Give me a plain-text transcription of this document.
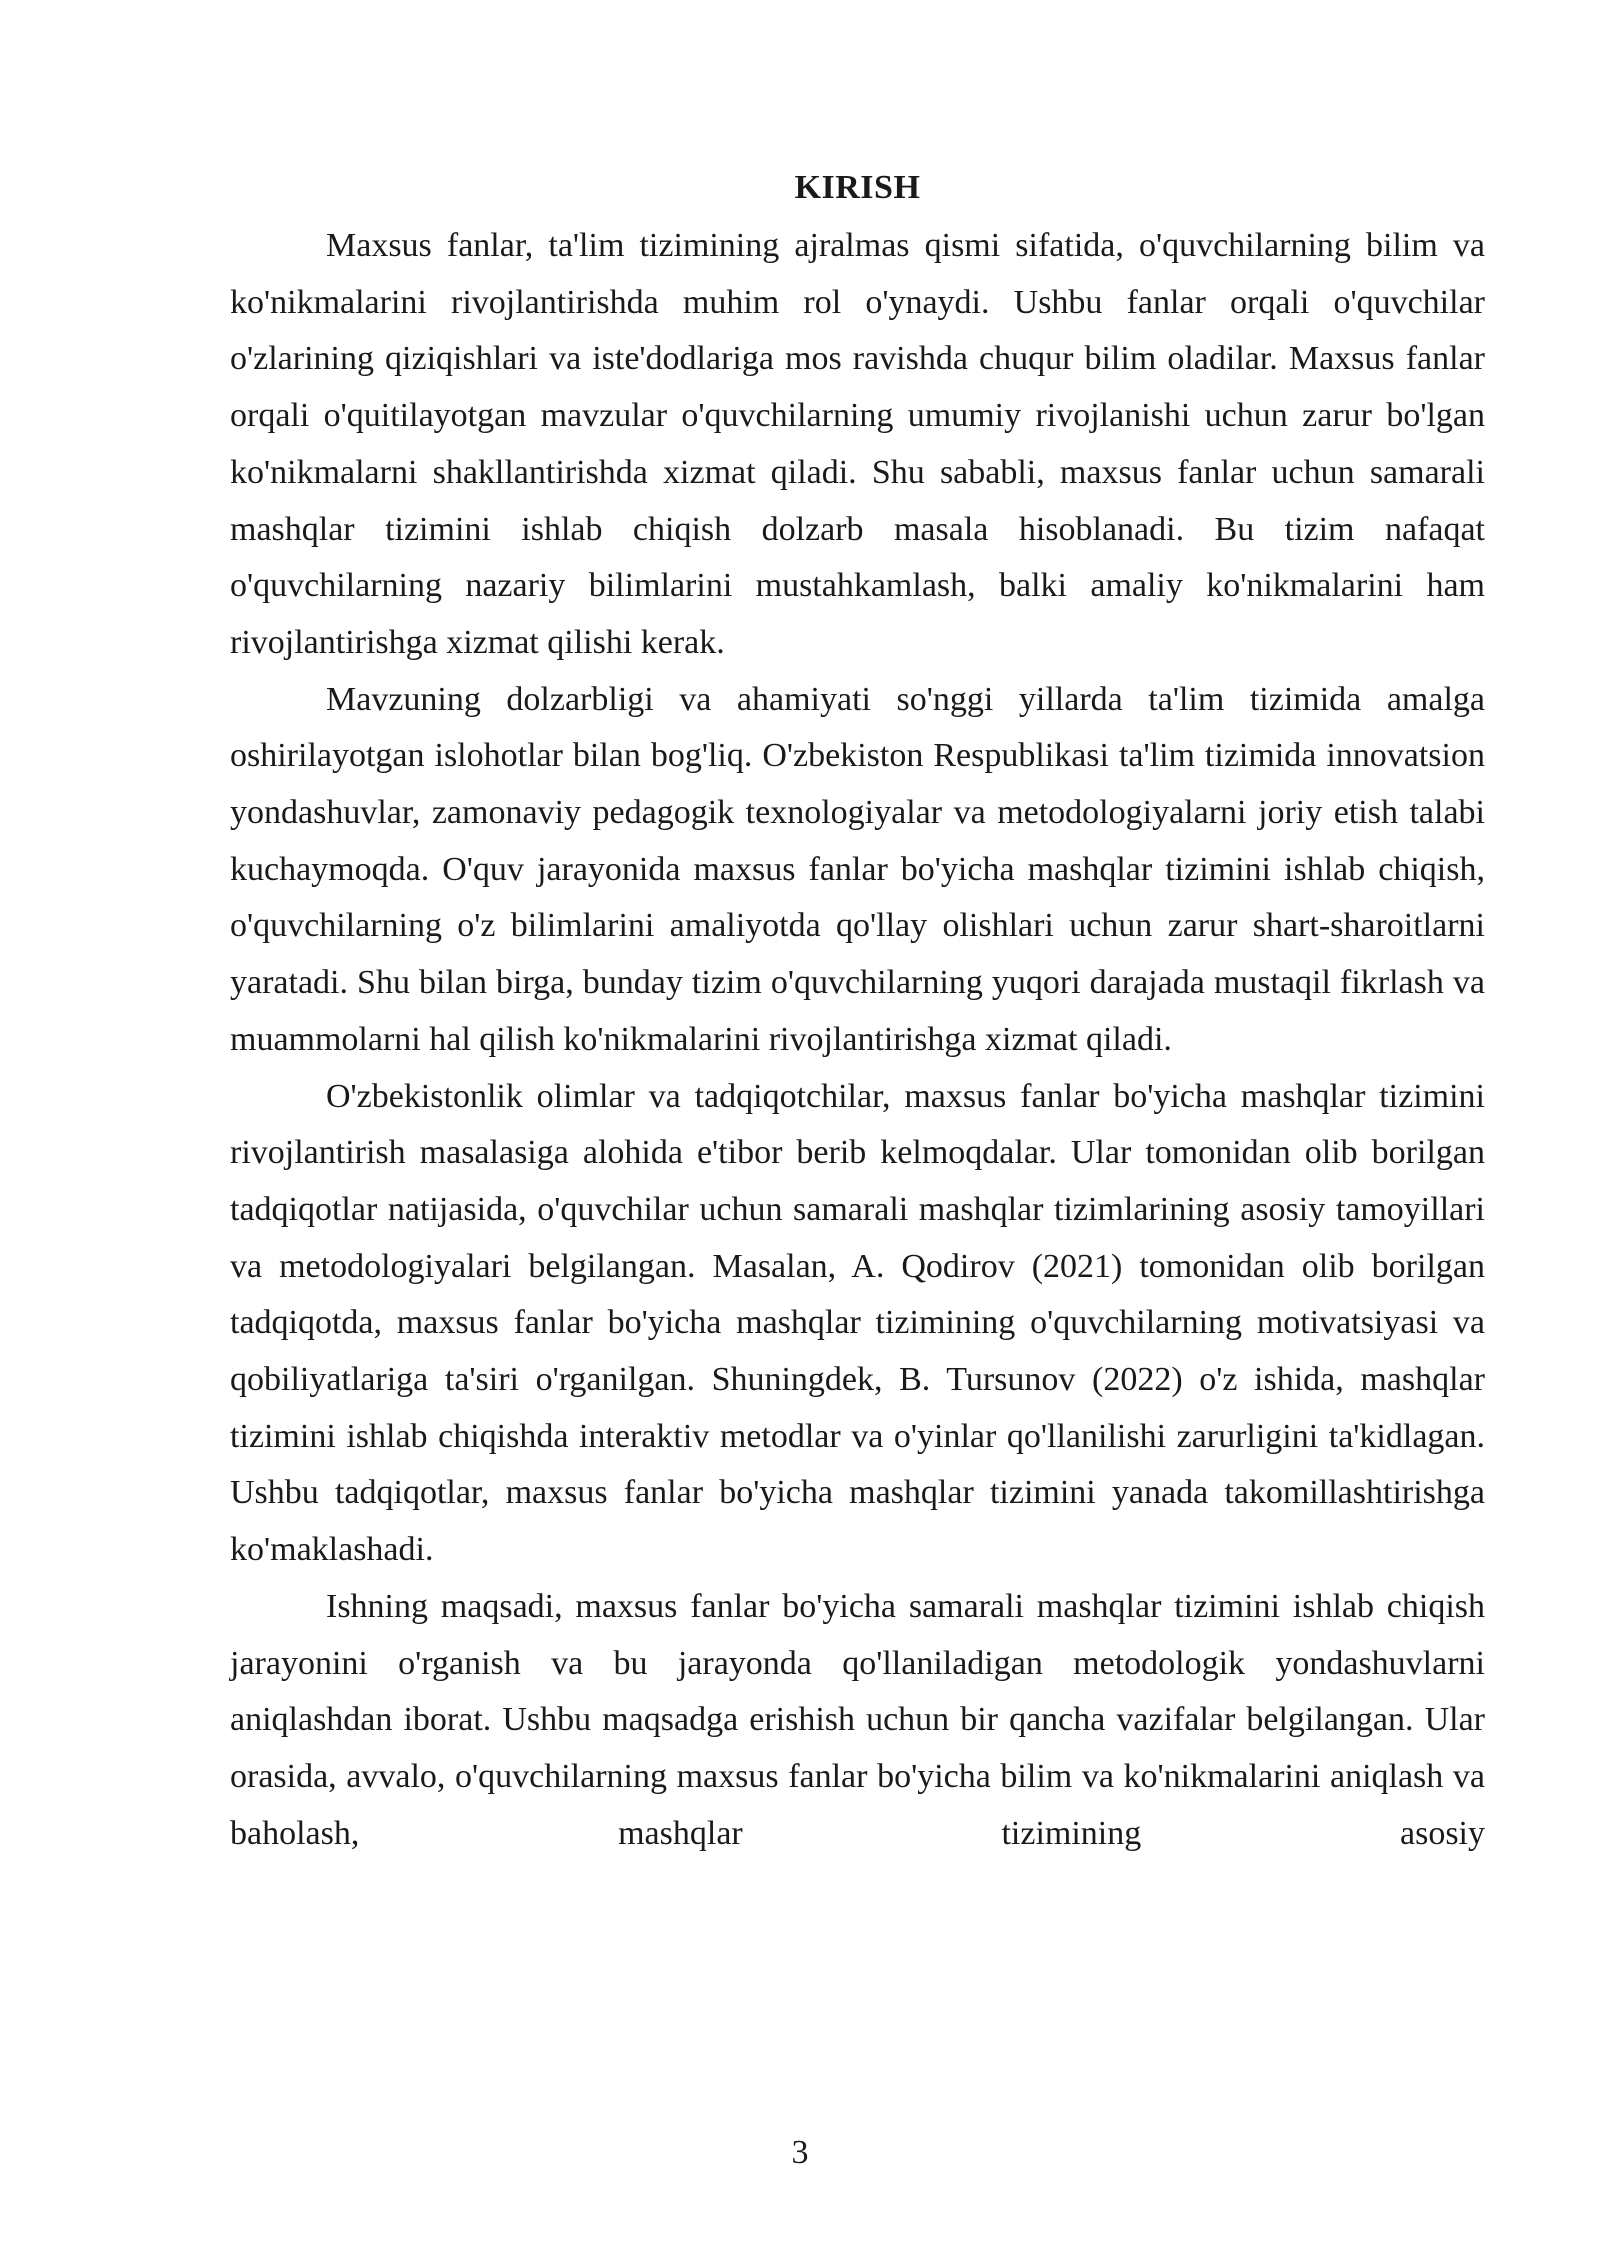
KIRISH

Maxsus fanlar, ta'lim tizimining ajralmas qismi sifatida, o'quvchilarning bilim va ko'nikmalarini rivojlantirishda muhim rol o'ynaydi. Ushbu fanlar orqali o'quvchilar o'zlarining qiziqishlari va iste'dodlariga mos ravishda chuqur bilim oladilar. Maxsus fanlar orqali o'quitilayotgan mavzular o'quvchilarning umumiy rivojlanishi uchun zarur bo'lgan ko'nikmalarni shakllantirishda xizmat qiladi. Shu sababli, maxsus fanlar uchun samarali mashqlar tizimini ishlab chiqish dolzarb masala hisoblanadi. Bu tizim nafaqat o'quvchilarning nazariy bilimlarini mustahkamlash, balki amaliy ko'nikmalarini ham rivojlantirishga xizmat qilishi kerak.

Mavzuning dolzarbligi va ahamiyati so'nggi yillarda ta'lim tizimida amalga oshirilayotgan islohotlar bilan bog'liq. O'zbekiston Respublikasi ta'lim tizimida innovatsion yondashuvlar, zamonaviy pedagogik texnologiyalar va metodologiyalarni joriy etish talabi kuchaymoqda. O'quv jarayonida maxsus fanlar bo'yicha mashqlar tizimini ishlab chiqish, o'quvchilarning o'z bilimlarini amaliyotda qo'llay olishlari uchun zarur shart-sharoitlarni yaratadi. Shu bilan birga, bunday tizim o'quvchilarning yuqori darajada mustaqil fikrlash va muammolarni hal qilish ko'nikmalarini rivojlantirishga xizmat qiladi.

O'zbekistonlik olimlar va tadqiqotchilar, maxsus fanlar bo'yicha mashqlar tizimini rivojlantirish masalasiga alohida e'tibor berib kelmoqdalar. Ular tomonidan olib borilgan tadqiqotlar natijasida, o'quvchilar uchun samarali mashqlar tizimlarining asosiy tamoyillari va metodologiyalari belgilangan. Masalan, A. Qodirov (2021) tomonidan olib borilgan tadqiqotda, maxsus fanlar bo'yicha mashqlar tizimining o'quvchilarning motivatsiyasi va qobiliyatlariga ta'siri o'rganilgan. Shuningdek, B. Tursunov (2022) o'z ishida, mashqlar tizimini ishlab chiqishda interaktiv metodlar va o'yinlar qo'llanilishi zarurligini ta'kidlagan. Ushbu tadqiqotlar, maxsus fanlar bo'yicha mashqlar tizimini yanada takomillashtirishga ko'maklashadi.

Ishning maqsadi, maxsus fanlar bo'yicha samarali mashqlar tizimini ishlab chiqish jarayonini o'rganish va bu jarayonda qo'llaniladigan metodologik yondashuvlarni aniqlashdan iborat. Ushbu maqsadga erishish uchun bir qancha vazifalar belgilangan. Ular orasida, avvalo, o'quvchilarning maxsus fanlar bo'yicha bilim va ko'nikmalarini aniqlash va baholash, mashqlar tizimining asosiy

3
